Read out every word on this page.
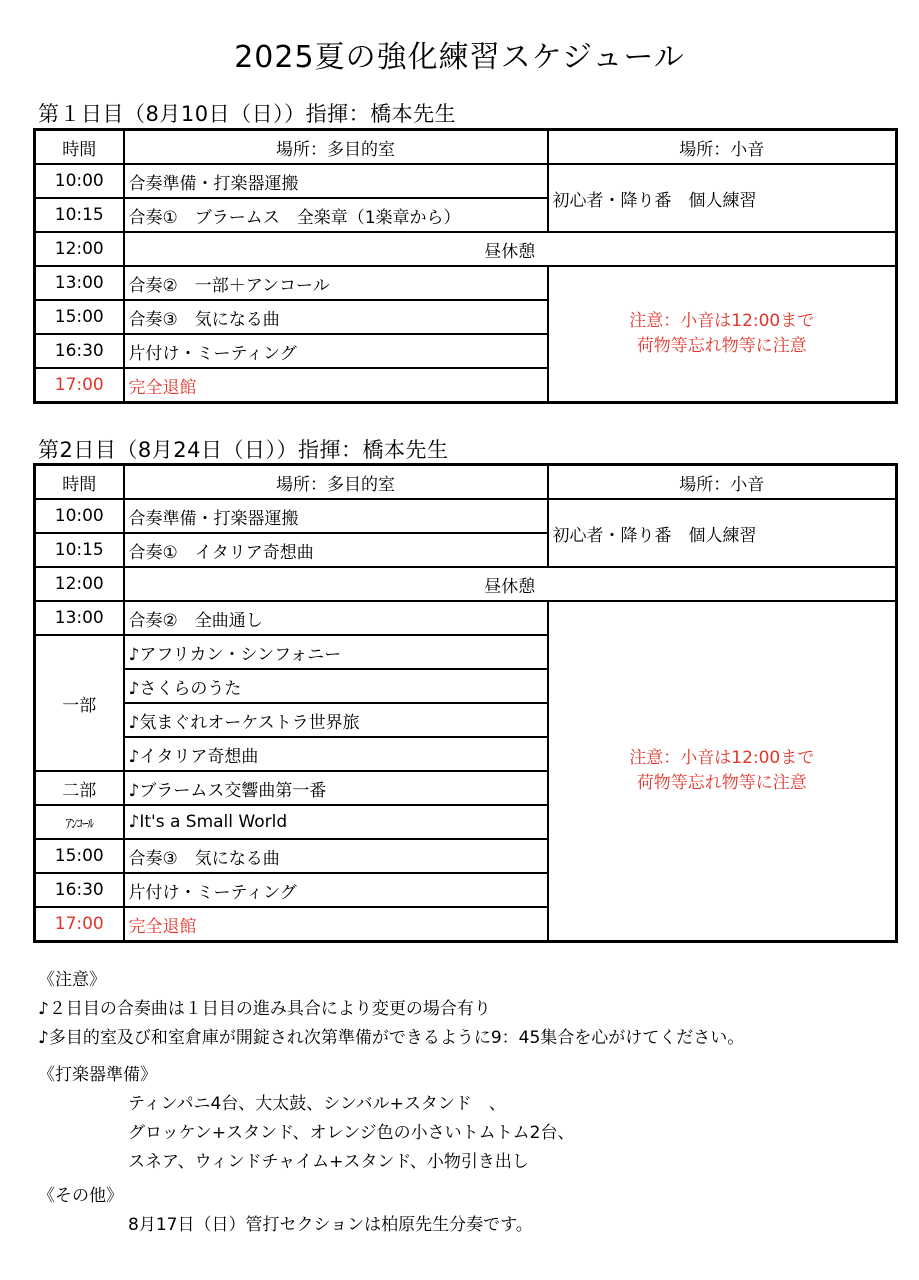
2025夏の強化練習スケジュール
第１日目（8月10日（日））指揮：橋本先生
時間	場所：多目的室	場所：小音
10:00	合奏準備・打楽器運搬	初心者・降り番　個人練習
10:15	合奏①　ブラームス　全楽章（1楽章から）	
12:00	昼休憩	
13:00	合奏②　一部＋アンコール	注意：小音は12:00まで
荷物等忘れ物等に注意

15:00	合奏③　気になる曲	
16:30	片付け・ミーティング	
17:00	完全退館	
第2日目（8月24日（日））指揮：橋本先生
時間	場所：多目的室	場所：小音
10:00	合奏準備・打楽器運搬	初心者・降り番　個人練習
10:15	合奏①　イタリア奇想曲	
12:00	昼休憩	
13:00	合奏②　全曲通し	注意：小音は12:00まで
荷物等忘れ物等に注意

一部	♪アフリカン・シンフォニー	
	♪さくらのうた	
	♪気まぐれオーケストラ世界旅	
	♪イタリア奇想曲	
二部	♪ブラームス交響曲第一番	
ｱﾝｺｰﾙ	♪It's a Small World	
15:00	合奏③　気になる曲	
16:30	片付け・ミーティング	
17:00	完全退館	

《注意》

♪２日目の合奏曲は１日目の進み具合により変更の場合有り

♪多目的室及び和室倉庫が開錠され次第準備ができるように9：45集合を心がけてください。

《打楽器準備》

ティンパニ4台、大太鼓、シンバル+スタンド　、

グロッケン+スタンド、オレンジ色の小さいトムトム2台、

スネア、ウィンドチャイム+スタンド、小物引き出し

《その他》

8月17日（日）管打セクションは柏原先生分奏です。
